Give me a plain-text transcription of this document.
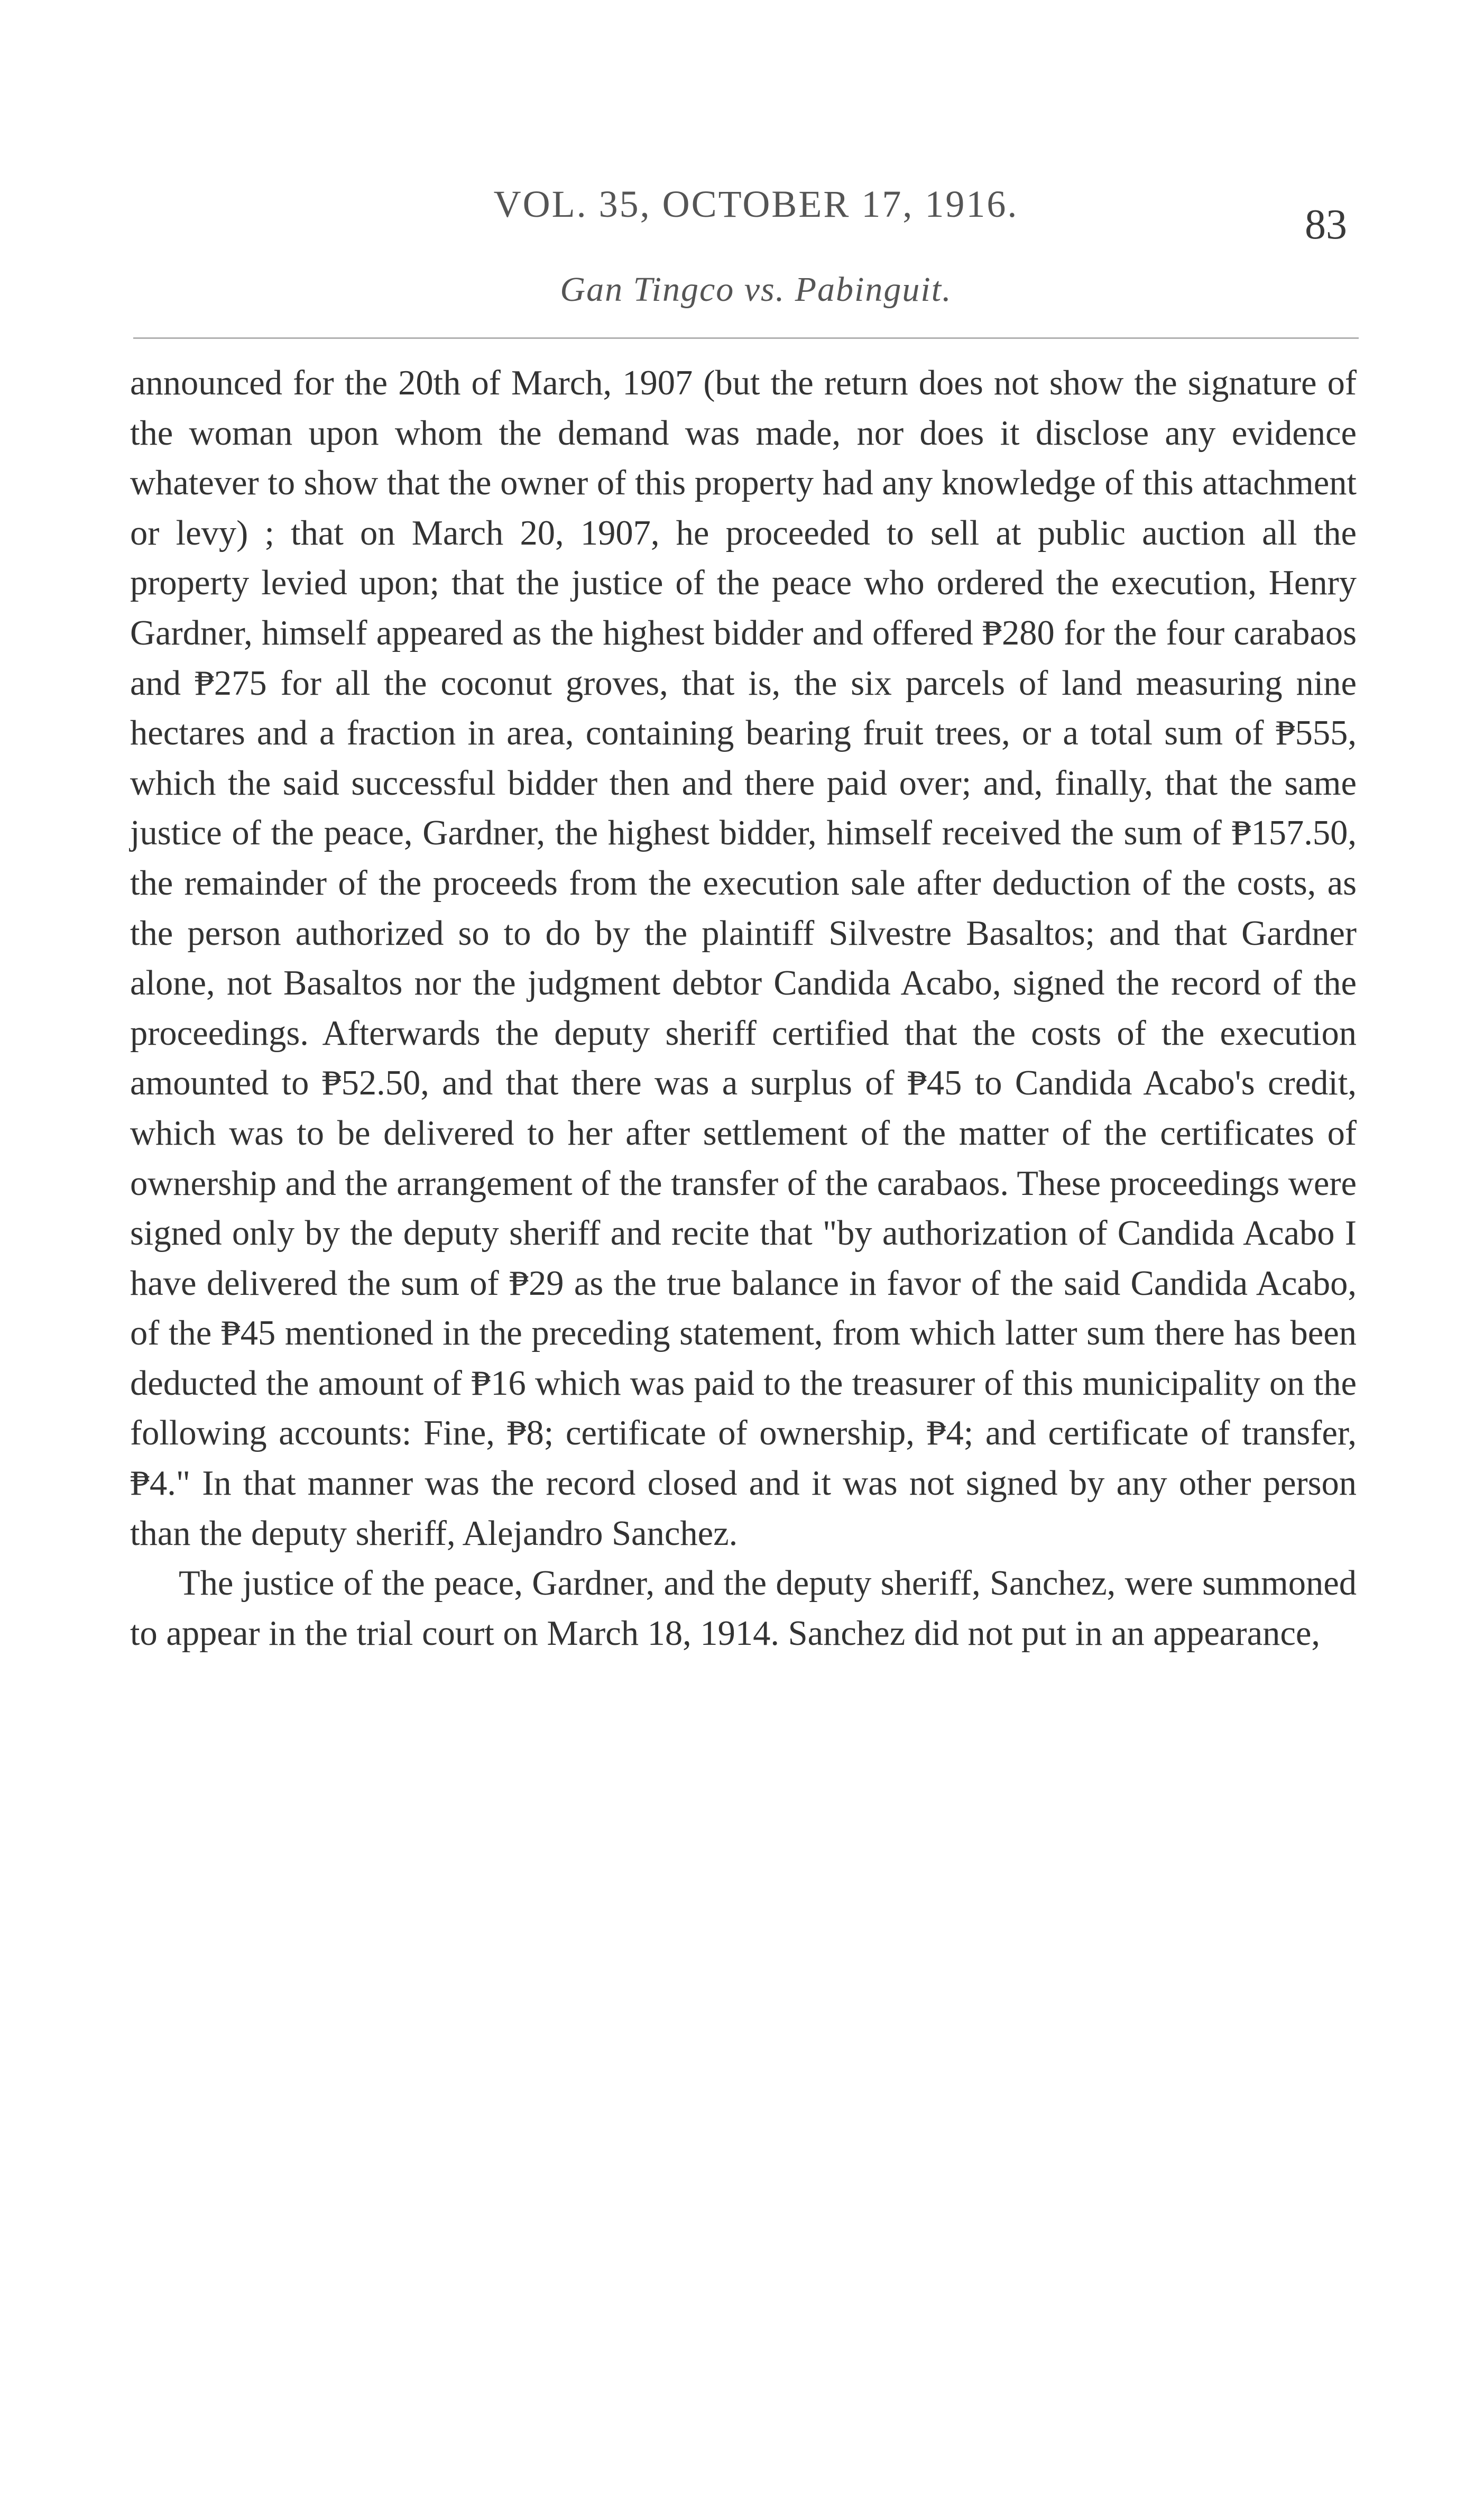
VOL. 35, OCTOBER 17, 1916.	83
Gan Tingco vs. Pabinguit.

announced for the 20th of March, 1907 (but the return does not show the signature of the woman upon whom the demand was made, nor does it disclose any evidence whatever to show that the owner of this property had any knowledge of this attachment or levy) ; that on March 20, 1907, he proceeded to sell at public auction all the property levied upon; that the justice of the peace who ordered the execution, Henry Gardner, himself appeared as the highest bidder and offered ₱280 for the four carabaos and ₱275 for all the coconut groves, that is, the six parcels of land measuring nine hectares and a fraction in area, containing bearing fruit trees, or a total sum of ₱555, which the said successful bidder then and there paid over; and, finally, that the same justice of the peace, Gardner, the highest bidder, himself received the sum of ₱157.50, the remainder of the proceeds from the execution sale after deduction of the costs, as the person authorized so to do by the plaintiff Silvestre Basaltos; and that Gardner alone, not Basaltos nor the judgment debtor Candida Acabo, signed the record of the proceedings. Afterwards the deputy sheriff certified that the costs of the execution amounted to ₱52.50, and that there was a surplus of ₱45 to Candida Acabo's credit, which was to be delivered to her after settlement of the matter of the certificates of ownership and the arrangement of the transfer of the carabaos. These proceedings were signed only by the deputy sheriff and recite that "by authorization of Candida Acabo I have delivered the sum of ₱29 as the true balance in favor of the said Candida Acabo, of the ₱45 mentioned in the preceding statement, from which latter sum there has been deducted the amount of ₱16 which was paid to the treasurer of this municipality on the following accounts: Fine, ₱8; certificate of ownership, ₱4; and certificate of transfer, ₱4." In that manner was the record closed and it was not signed by any other person than the deputy sheriff, Alejandro Sanchez.

The justice of the peace, Gardner, and the deputy sheriff, Sanchez, were summoned to appear in the trial court on March 18, 1914. Sanchez did not put in an appearance,
